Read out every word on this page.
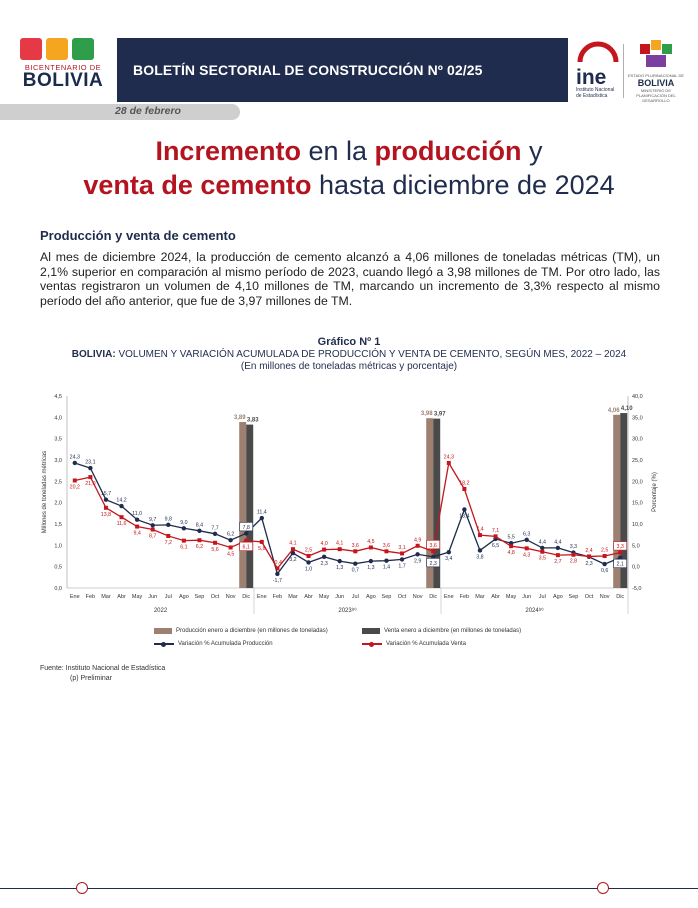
BICENTENARIO DE
BOLIVIA	BOLETÍN SECTORIAL DE CONSTRUCCIÓN Nº 02/25	ine
Instituto Nacional de Estadística
ESTADO PLURINACIONAL DE
BOLIVIA
MINISTERIO DE PLANIFICACIÓN DEL DESARROLLO
28 de febrero
Incremento en la producción y
venta de cemento hasta diciembre de 2024
Producción y venta de cemento
Al mes de diciembre 2024, la producción de cemento alcanzó a 4,06 millones de toneladas métricas (TM), un 2,1% superior en comparación al mismo período de 2023, cuando llegó a 3,98 millones de TM. Por otro lado, las ventas registraron un volumen de 4,10 millones de TM, marcando un incremento de 3,3% respecto al mismo período del año anterior, que fue de 3,97 millones de TM.
Gráfico Nº 1
BOLIVIA: VOLUMEN Y VARIACIÓN ACUMULADA DE PRODUCCIÓN Y VENTA DE CEMENTO, SEGÚN MES, 2022 – 2024
(En millones de toneladas métricas y porcentaje)
0,0
0,5
1,0
1,5
2,0
2,5
3,0
3,5
4,0
4,5
-5,0
0,0
5,0
10,0
15,0
20,0
25,0
30,0
35,0
40,0
Millones de toneladas métricas	Porcentaje (%)
3,89
3,98
4,06
3,83
3,97
4,10
24,3
23,1
15,7
14,2
11,0
9,7 9,8
9,0 8,4 7,7
6,2
7,8
11,4
-1,7
3,2
1,0
2,3
1,3 0,7 1,3 1,4 1,7
2,9 2,3
3,4
13,4
3,8
6,5
5,5
6,3
4,4 4,4
3,3
2,3
0,6
2,1
20,2
21,0
13,8
11,6
9,4 8,7
7,2
6,1 6,2 5,6
4,5
6,1 5,8
-0,4
4,1
2,5
4,0 4,1 3,6
4,5
3,6 3,1
4,9
3,6
24,3
18,2
7,4 7,1
4,8 4,3
3,5
2,7 2,8
2,4 2,5
3,3
Ene Feb Mar Abr May Jun Jul Ago Sep Oct Nov Dic Ene Feb Mar Abr May Jun Jul Ago Sep Oct Nov Dic Ene Feb Mar Abr May Jun Jul Ago Sep Oct Nov Dic
2022	2023$^{(p)}$	2024$^{(p)}$
Producción enero a diciembre (en millones de toneladas)	Venta enero a diciembre (en millones de toneladas)
Variación % Acumulada Producción	Variación % Acumulada Venta
Fuente: Instituto Nacional de Estadística
(p) Preliminar
